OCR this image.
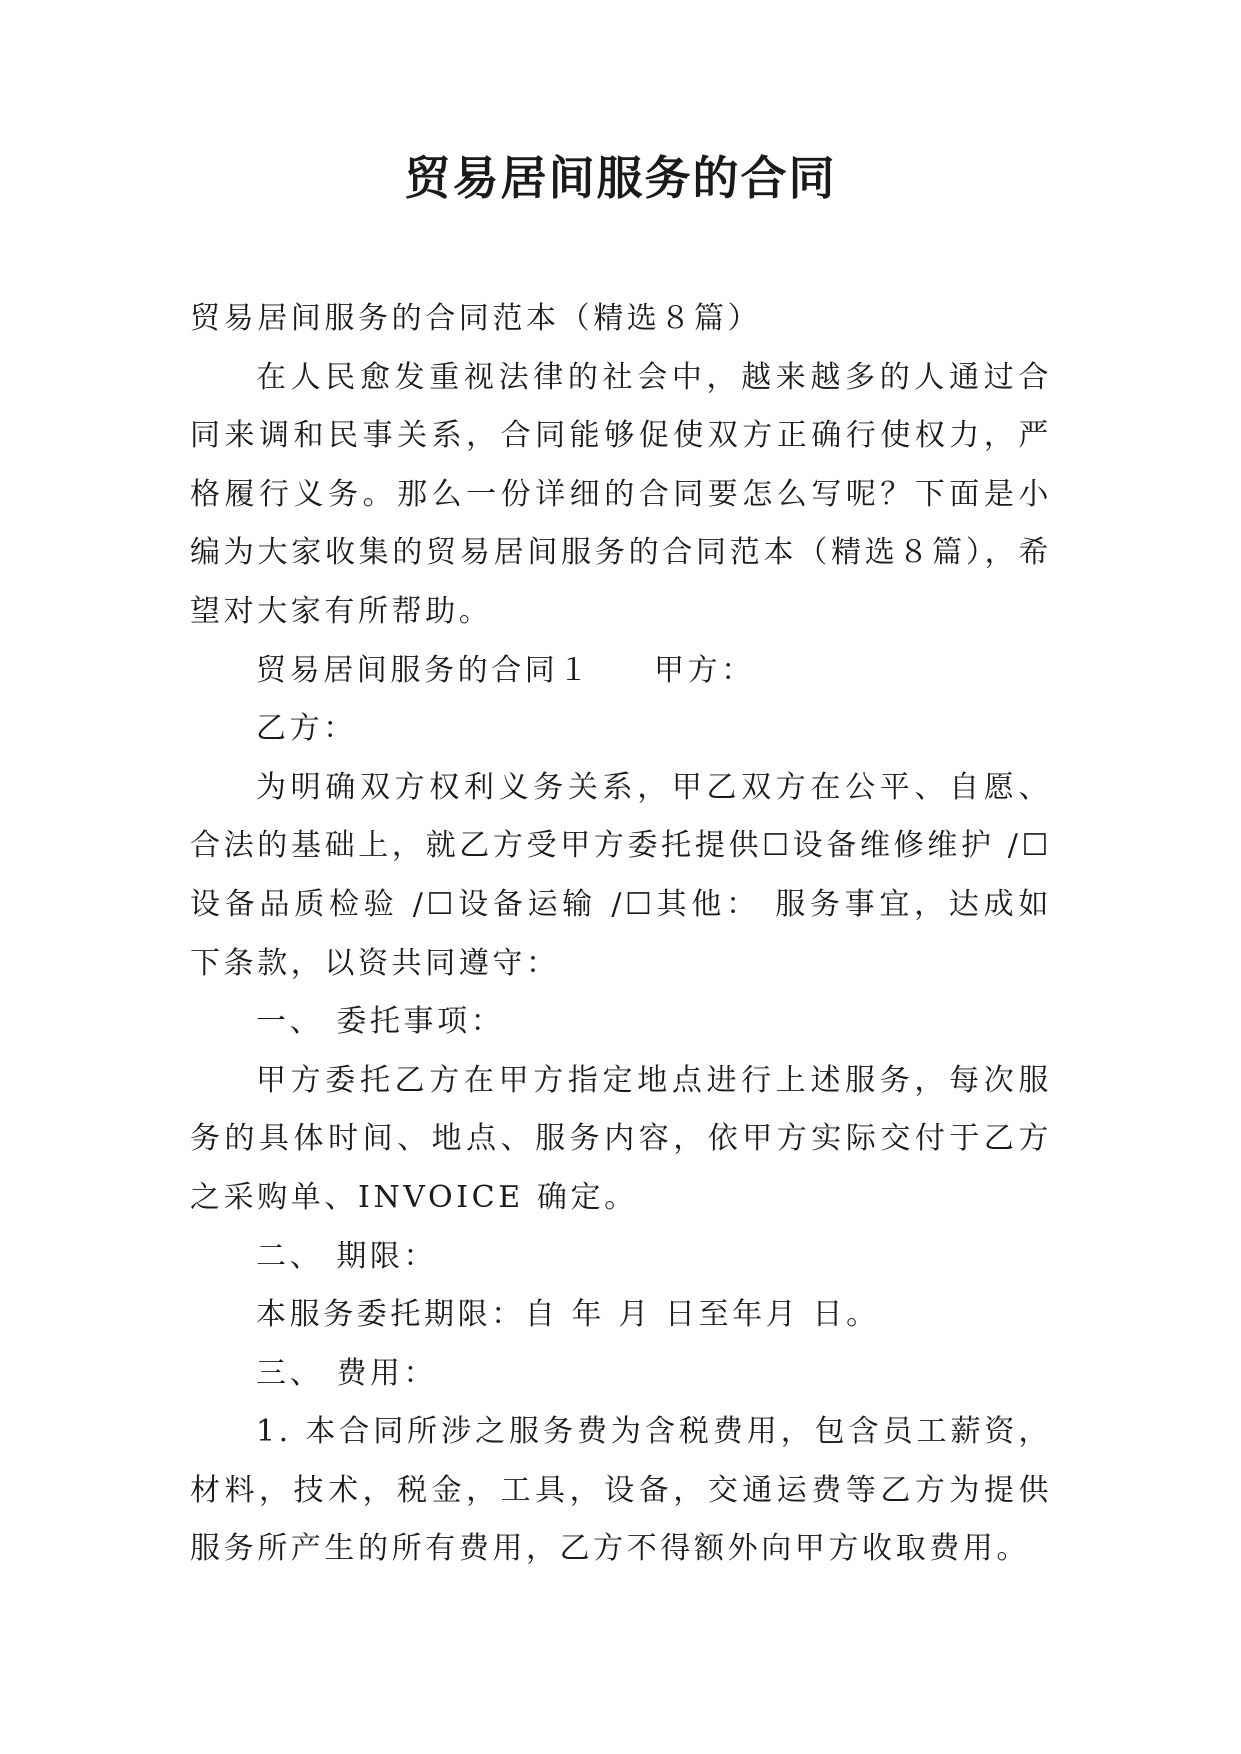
贸易居间服务的合同

贸易居间服务的合同范本（精选８篇）

在人民愈发重视法律的社会中，越来越多的人通过合同来调和民事关系，合同能够促使双方正确行使权力，严格履行义务。那么一份详细的合同要怎么写呢？下面是小编为大家收集的贸易居间服务的合同范本（精选８篇），希望对大家有所帮助。

贸易居间服务的合同１ 甲方：

乙方：

为明确双方权利义务关系，甲乙双方在公平、自愿、合法的基础上，就乙方受甲方委托提供☐设备维修维护 /☐设备品质检验 /☐设备运输 /☐其他： 服务事宜，达成如下条款，以资共同遵守：

一、 委托事项：

甲方委托乙方在甲方指定地点进行上述服务，每次服务的具体时间、地点、服务内容，依甲方实际交付于乙方之采购单、INVOICE 确定。

二、 期限：

本服务委托期限：自 年 月 日至年月 日。

三、 费用：

1. 本合同所涉之服务费为含税费用，包含员工薪资，材料，技术，税金，工具，设备，交通运费等乙方为提供服务所产生的所有费用，乙方不得额外向甲方收取费用。
